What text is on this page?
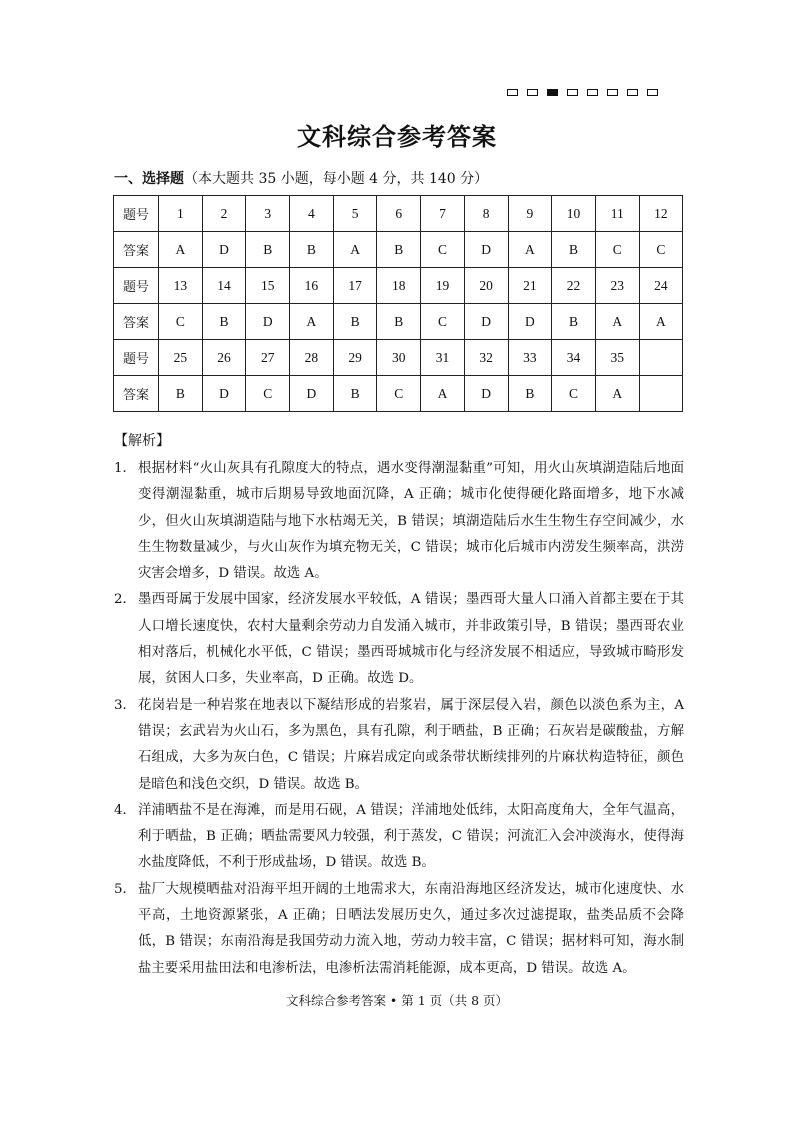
文科综合参考答案
一、选择题（本大题共 35 小题，每小题 4 分，共 140 分）
题号	1	2	3	4	5	6	7	8	9	10	11	12
答案	A	D	B	B	A	B	C	D	A	B	C	C
题号	13	14	15	16	17	18	19	20	21	22	23	24
答案	C	B	D	A	B	B	C	D	D	B	A	A
题号	25	26	27	28	29	30	31	32	33	34	35	
答案	B	D	C	D	B	C	A	D	B	C	A	
【解析】
1． 根据材料“火山灰具有孔隙度大的特点，遇水变得潮湿黏重”可知，用火山灰填湖造陆后地面变得潮湿黏重，城市后期易导致地面沉降，A 正确；城市化使得硬化路面增多，地下水减少，但火山灰填湖造陆与地下水枯竭无关，B 错误；填湖造陆后水生生物生存空间减少，水生生物数量减少，与火山灰作为填充物无关，C 错误；城市化后城市内涝发生频率高，洪涝灾害会增多，D 错误。故选 A。
2． 墨西哥属于发展中国家，经济发展水平较低，A 错误；墨西哥大量人口涌入首都主要在于其人口增长速度快，农村大量剩余劳动力自发涌入城市，并非政策引导，B 错误；墨西哥农业相对落后，机械化水平低，C 错误；墨西哥城城市化与经济发展不相适应，导致城市畸形发展，贫困人口多，失业率高，D 正确。故选 D。
3． 花岗岩是一种岩浆在地表以下凝结形成的岩浆岩，属于深层侵入岩，颜色以淡色系为主，A 错误；玄武岩为火山石，多为黑色，具有孔隙，利于晒盐，B 正确；石灰岩是碳酸盐，方解石组成，大多为灰白色，C 错误；片麻岩成定向或条带状断续排列的片麻状构造特征，颜色是暗色和浅色交织，D 错误。故选 B。
4． 洋浦晒盐不是在海滩，而是用石砚，A 错误；洋浦地处低纬，太阳高度角大，全年气温高，利于晒盐，B 正确；晒盐需要风力较强，利于蒸发，C 错误；河流汇入会冲淡海水，使得海水盐度降低，不利于形成盐场，D 错误。故选 B。
5． 盐厂大规模晒盐对沿海平坦开阔的土地需求大，东南沿海地区经济发达，城市化速度快、水平高，土地资源紧张，A 正确；日晒法发展历史久，通过多次过滤提取，盐类品质不会降低，B 错误；东南沿海是我国劳动力流入地，劳动力较丰富，C 错误；据材料可知，海水制盐主要采用盐田法和电渗析法，电渗析法需消耗能源，成本更高，D 错误。故选 A。
文科综合参考答案 • 第 1 页（共 8 页）
